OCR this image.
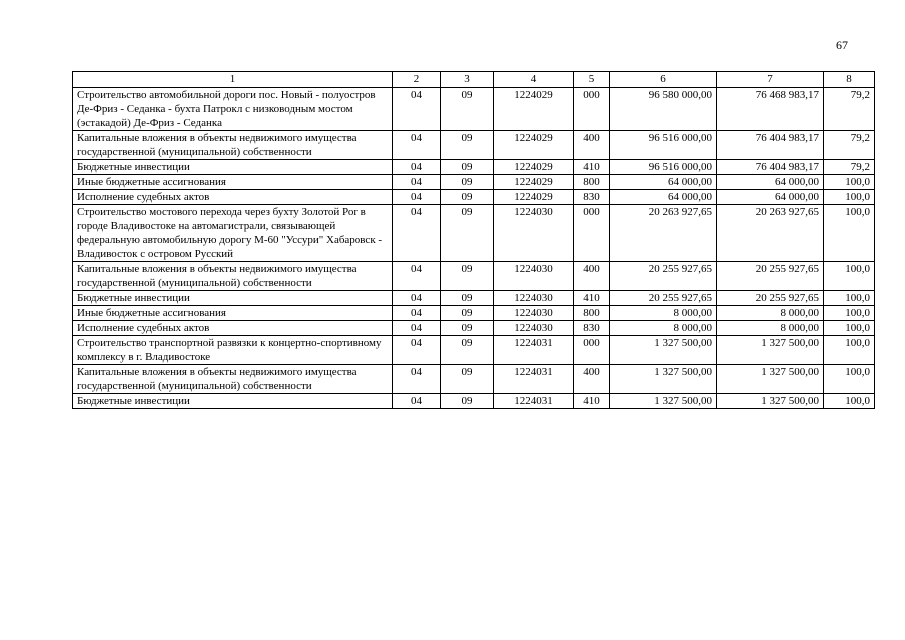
67
1	2	3	4	5	6	7	8
Строительство автомобильной дороги пос. Новый - полуостров Де-Фриз - Седанка - бухта Патрокл с низководным мостом (эстакадой) Де-Фриз - Седанка	04	09	1224029	000	96 580 000,00	76 468 983,17	79,2
Капитальные вложения в объекты недвижимого имущества государственной (муниципальной) собственности	04	09	1224029	400	96 516 000,00	76 404 983,17	79,2
Бюджетные инвестиции	04	09	1224029	410	96 516 000,00	76 404 983,17	79,2
Иные бюджетные ассигнования	04	09	1224029	800	64 000,00	64 000,00	100,0
Исполнение судебных актов	04	09	1224029	830	64 000,00	64 000,00	100,0
Строительство мостового перехода через бухту Золотой Рог в городе Владивостоке на автомагистрали, связывающей федеральную автомобильную дорогу М-60 "Уссури" Хабаровск - Владивосток с островом Русский	04	09	1224030	000	20 263 927,65	20 263 927,65	100,0
Капитальные вложения в объекты недвижимого имущества государственной (муниципальной) собственности	04	09	1224030	400	20 255 927,65	20 255 927,65	100,0
Бюджетные инвестиции	04	09	1224030	410	20 255 927,65	20 255 927,65	100,0
Иные бюджетные ассигнования	04	09	1224030	800	8 000,00	8 000,00	100,0
Исполнение судебных актов	04	09	1224030	830	8 000,00	8 000,00	100,0
Строительство транспортной развязки к концертно-спортивному комплексу в г. Владивостоке	04	09	1224031	000	1 327 500,00	1 327 500,00	100,0
Капитальные вложения в объекты недвижимого имущества государственной (муниципальной) собственности	04	09	1224031	400	1 327 500,00	1 327 500,00	100,0
Бюджетные инвестиции	04	09	1224031	410	1 327 500,00	1 327 500,00	100,0
